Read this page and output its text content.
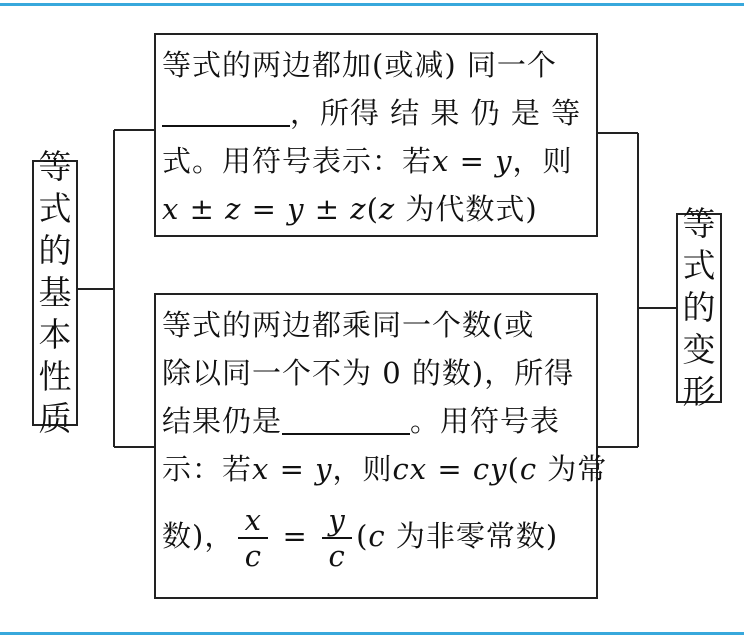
等
式
的
基
本
性
质
等
式
的
变
形
等式的两边都加(或减) 同一个
，所得 结 果 仍 是 等
式。用符号表示：若x = y，则
x ± z = y ± z(z 为代数式)
等式的两边都乘同一个数(或
除以同一个不为 0 的数)，所得
结果仍是	。用符号表
示：若x = y，则cx = cy(c 为常
数)， $\frac{x}{c} = \frac{y}{c} (c$ 为非零常数)
